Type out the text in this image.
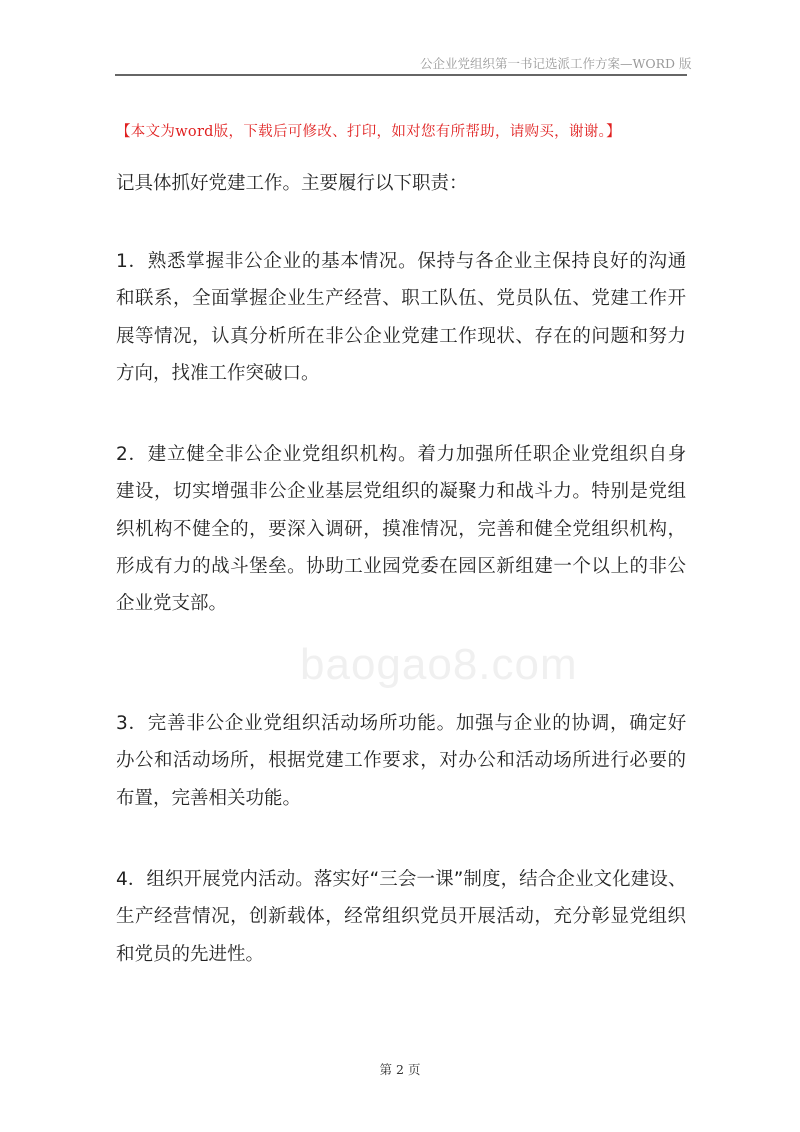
公企业党组织第一书记选派工作方案—WORD 版
【本文为word版，下载后可修改、打印，如对您有所帮助，请购买，谢谢。】
baogao8.com
记具体抓好党建工作。主要履行以下职责：
1．熟悉掌握非公企业的基本情况。保持与各企业主保持良好的沟通
和联系，全面掌握企业生产经营、职工队伍、党员队伍、党建工作开
展等情况，认真分析所在非公企业党建工作现状、存在的问题和努力
方向，找准工作突破口。
2．建立健全非公企业党组织机构。着力加强所任职企业党组织自身
建设，切实增强非公企业基层党组织的凝聚力和战斗力。特别是党组
织机构不健全的，要深入调研，摸准情况，完善和健全党组织机构，
形成有力的战斗堡垒。协助工业园党委在园区新组建一个以上的非公
企业党支部。
3．完善非公企业党组织活动场所功能。加强与企业的协调，确定好
办公和活动场所，根据党建工作要求，对办公和活动场所进行必要的
布置，完善相关功能。
4．组织开展党内活动。落实好“三会一课”制度，结合企业文化建设、
生产经营情况，创新载体，经常组织党员开展活动，充分彰显党组织
和党员的先进性。
第 2 页
